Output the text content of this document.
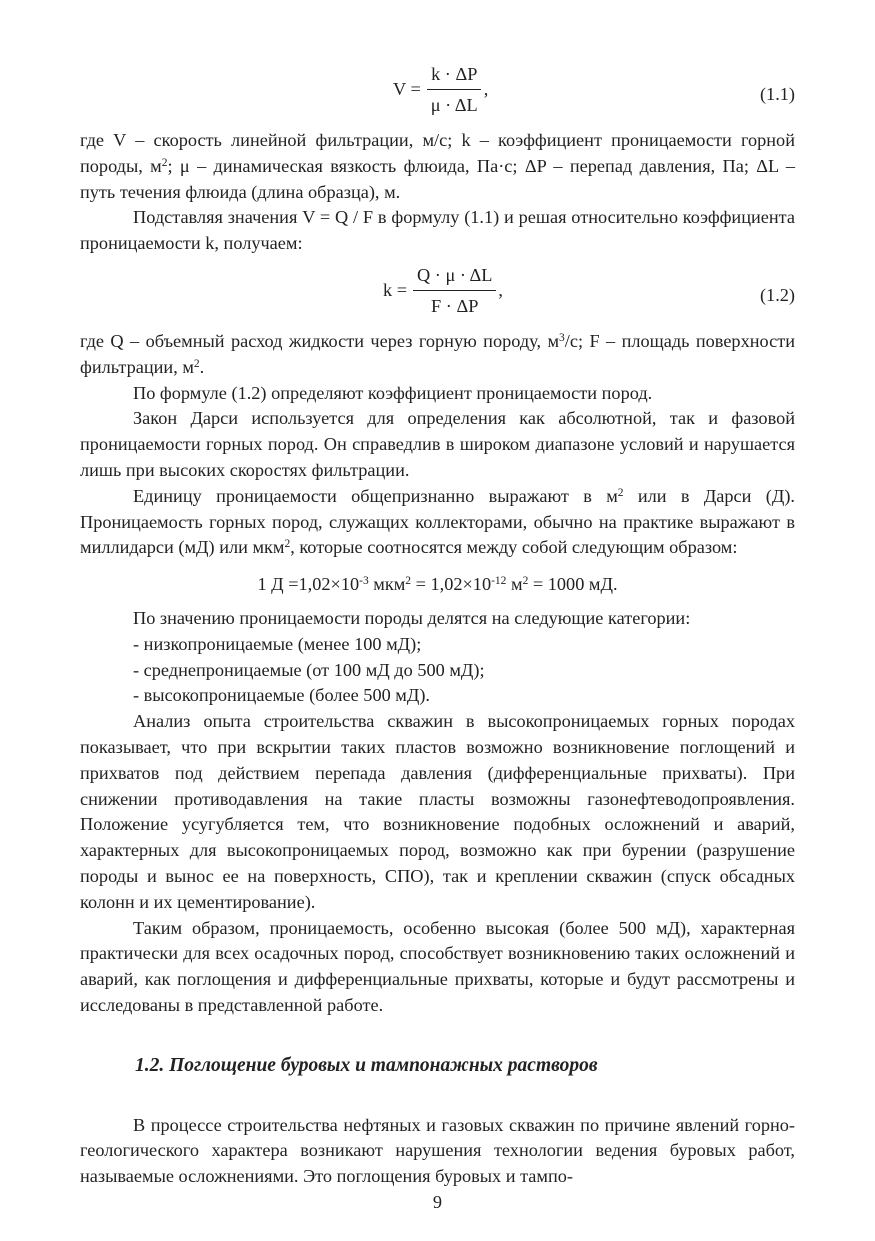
$V = \frac{k \cdot \Delta P}{\mu \cdot \Delta L}$ ,	(1.1)

где V – скорость линейной фильтрации, м/с; k – коэффициент проницаемости горной породы, $м^2$; μ – динамическая вязкость флюида, Па·с; ΔP – перепад давления, Па; ΔL – путь течения флюида (длина образца), м.

Подставляя значения V = Q / F в формулу (1.1) и решая относительно коэффициента проницаемости k, получаем:

$k = \frac{Q \cdot \mu \cdot \Delta L}{F \cdot \Delta P}$ ,	(1.2)

где Q – объемный расход жидкости через горную породу, $м^3/с$; F – площадь поверхности фильтрации, $м^2$.

По формуле (1.2) определяют коэффициент проницаемости пород.

Закон Дарси используется для определения как абсолютной, так и фазовой проницаемости горных пород. Он справедлив в широком диапазоне условий и нарушается лишь при высоких скоростях фильтрации.

Единицу проницаемости общепризнанно выражают в $м^2$ или в Дарси (Д). Проницаемость горных пород, служащих коллекторами, обычно на практике выражают в миллидарси (мД) или мкм$^2$, которые соотносятся между собой следующим образом:

1 $Д =1,02\times 10^{-3}$ $мкм^2 = 1,02\times 10^{-12}$ $м^2 = 1000$ мД.

По значению проницаемости породы делятся на следующие категории:

- низкопроницаемые (менее 100 мД);

- среднепроницаемые (от 100 мД до 500 мД);

- высокопроницаемые (более 500 мД).

Анализ опыта строительства скважин в высокопроницаемых горных породах показывает, что при вскрытии таких пластов возможно возникновение поглощений и прихватов под действием перепада давления (дифференциальные прихваты). При снижении противодавления на такие пласты возможны газонефтеводопроявления. Положение усугубляется тем, что возникновение подобных осложнений и аварий, характерных для высокопроницаемых пород, возможно как при бурении (разрушение породы и вынос ее на поверхность, СПО), так и креплении скважин (спуск обсадных колонн и их цементирование).

Таким образом, проницаемость, особенно высокая (более 500 мД), характерная практически для всех осадочных пород, способствует возникновению таких осложнений и аварий, как поглощения и дифференциальные прихваты, которые и будут рассмотрены и исследованы в представленной работе.

1.2. Поглощение буровых и тампонажных растворов

В процессе строительства нефтяных и газовых скважин по причине явлений горно-геологического характера возникают нарушения технологии ведения буровых работ, называемые осложнениями. Это поглощения буровых и тампо-

9
